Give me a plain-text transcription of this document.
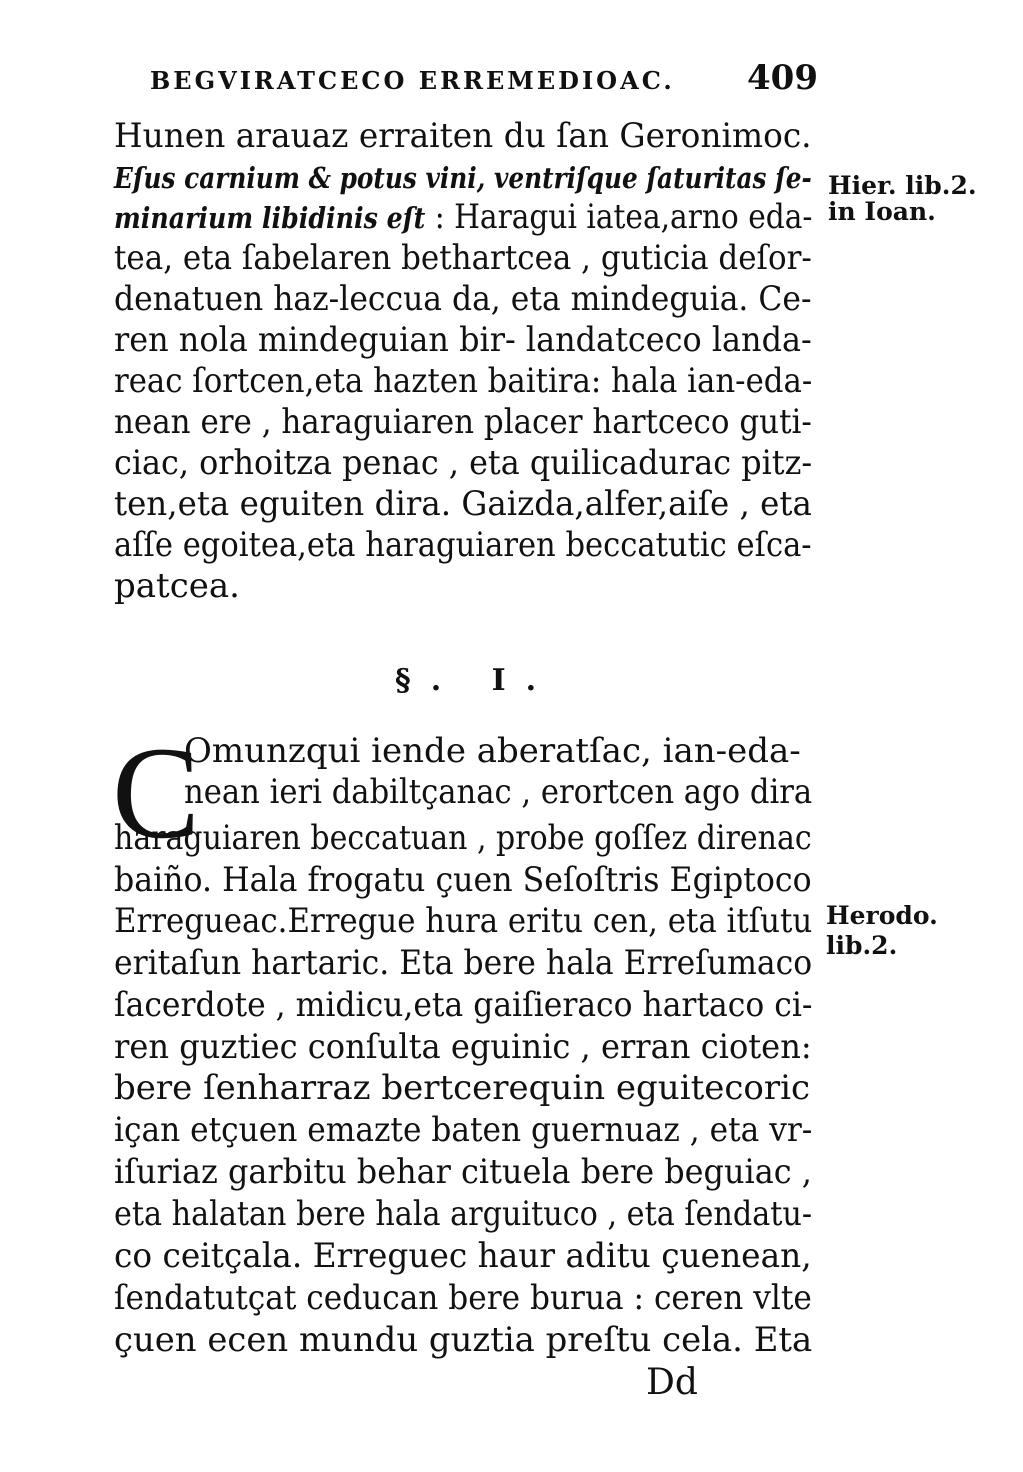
BEGVIRATCECO ERREMEDIOAC. 409
Hunen arauaz erraiten du ſan Geronimoc.
Eſus carnium & potus vini, ventriſque ſaturitas ſe-
minarium libidinis eſt : Haragui iatea,arno eda-
tea, eta ſabelaren bethartcea , guticia deſor-
denatuen haz-leccua da, eta mindeguia. Ce-
ren nola mindeguian bir- landatceco landa-
reac ſortcen,eta hazten baitira: hala ian-eda-
nean ere , haraguiaren placer hartceco guti-
ciac, orhoitza penac , eta quilicadurac pitz-
ten,eta eguiten dira. Gaizda,alfer,aiſe , eta
aſſe egoitea,eta haraguiaren beccatutic eſca-
patcea.
Hier. lib.2.
in Ioan.
Herodo.
lib.2.
§. I.
C
Omunzqui iende aberatſac, ian-eda-
nean ieri dabiltçanac , erortcen ago dira
haraguiaren beccatuan , probe goſſez direnac
baiño. Hala frogatu çuen Seſoſtris Egiptoco
Erregueac.Erregue hura eritu cen, eta itſutu
eritaſun hartaric. Eta bere hala Erreſumaco
ſacerdote , midicu,eta gaiſieraco hartaco ci-
ren guztiec conſulta eguinic , erran cioten:
bere ſenharraz bertcerequin eguitecoric
içan etçuen emazte baten guernuaz , eta vr-
iſuriaz garbitu behar cituela bere beguiac ,
eta halatan bere hala arguituco , eta ſendatu-
co ceitçala. Erreguec haur aditu çuenean,
ſendatutçat ceducan bere burua : ceren vlte
çuen ecen mundu guztia preſtu cela. Eta
Dd
